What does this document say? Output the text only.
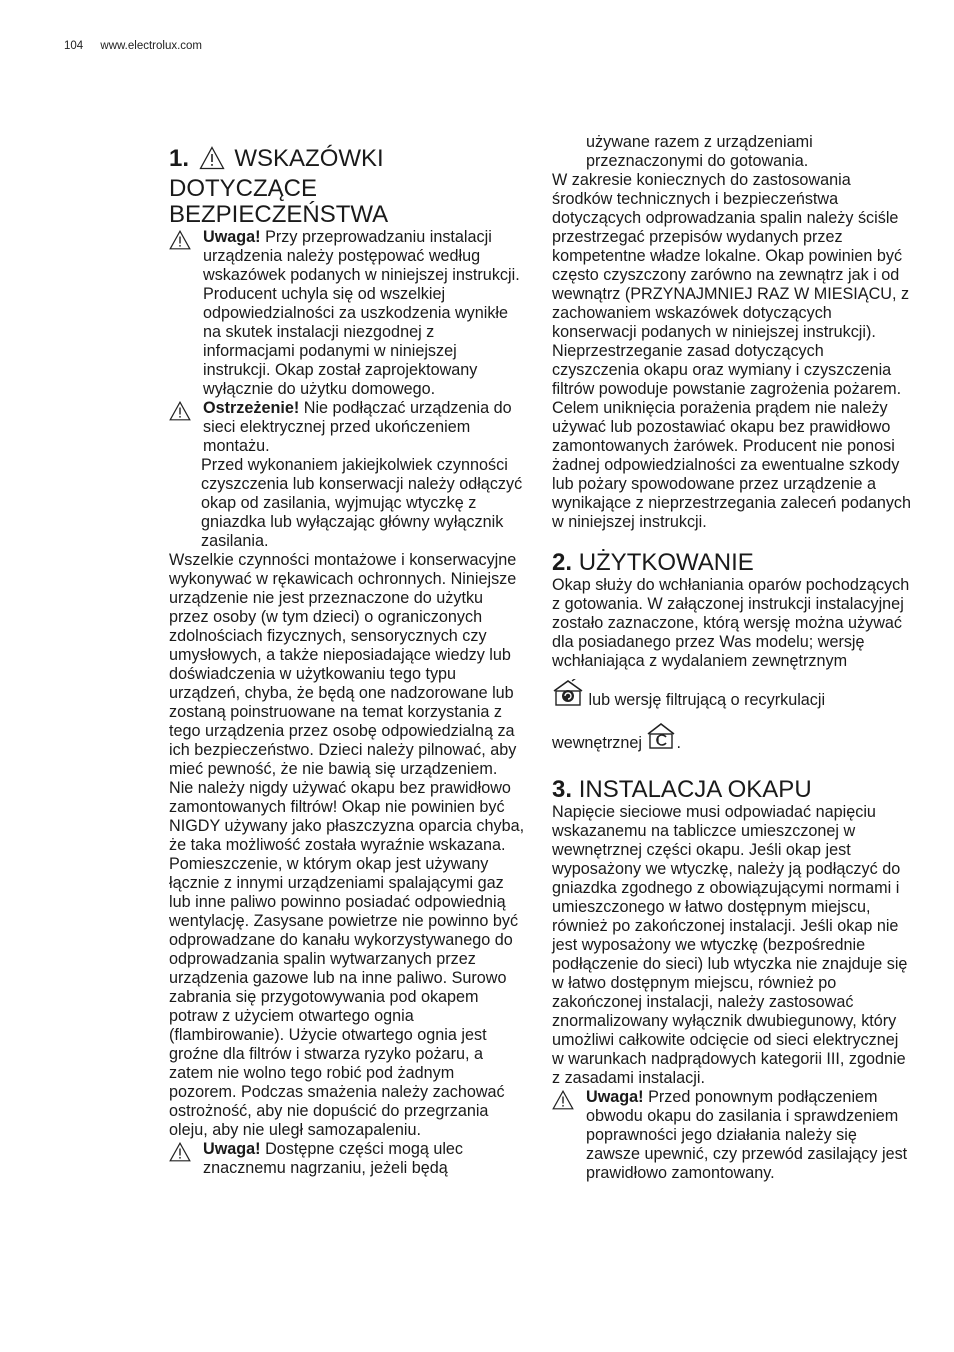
104 www.electrolux.com
1. WSKAZÓWKI
DOTYCZĄCE
BEZPIECZEŃSTWA

Uwaga! Przy przeprowadzaniu instalacji urządzenia należy postępować według wskazówek podanych w niniejszej instrukcji. Producent uchyla się od wszelkiej odpowiedzialności za uszkodzenia wynikłe na skutek instalacji niezgodnej z informacjami podanymi w niniejszej instrukcji. Okap został zaprojektowany wyłącznie do użytku domowego.

Ostrzeżenie! Nie podłączać urządzenia do sieci elektrycznej przed ukończeniem montażu.

Przed wykonaniem jakiejkolwiek czynności czyszczenia lub konserwacji należy odłączyć okap od zasilania, wyjmując wtyczkę z gniazdka lub wyłączając główny wyłącznik zasilania.

Wszelkie czynności montażowe i konserwacyjne wykonywać w rękawicach ochronnych. Niniejsze urządzenie nie jest przeznaczone do użytku przez osoby (w tym dzieci) o ograniczonych zdolnościach fizycznych, sensorycznych czy umysłowych, a także nieposiadające wiedzy lub doświadczenia w użytkowaniu tego typu urządzeń, chyba, że będą one nadzorowane lub zostaną poinstruowane na temat korzystania z tego urządzenia przez osobę odpowiedzialną za ich bezpieczeństwo. Dzieci należy pilnować, aby mieć pewność, że nie bawią się urządzeniem. Nie należy nigdy używać okapu bez prawidłowo zamontowanych filtrów! Okap nie powinien być NIGDY używany jako płaszczyzna oparcia chyba, że taka możliwość została wyraźnie wskazana. Pomieszczenie, w którym okap jest używany łącznie z innymi urządzeniami spalającymi gaz lub inne paliwo powinno posiadać odpowiednią wentylację. Zasysane powietrze nie powinno być odprowadzane do kanału wykorzystywanego do odprowadzania spalin wytwarzanych przez urządzenia gazowe lub na inne paliwo. Surowo zabrania się przygotowywania pod okapem potraw z użyciem otwartego ognia (flambirowanie). Użycie otwartego ognia jest groźne dla filtrów i stwarza ryzyko pożaru, a zatem nie wolno tego robić pod żadnym pozorem. Podczas smażenia należy zachować ostrożność, aby nie dopuścić do przegrzania oleju, aby nie uległ samozapaleniu.

Uwaga! Dostępne części mogą ulec znacznemu nagrzaniu, jeżeli będą

używane razem z urządzeniami przeznaczonymi do gotowania.

W zakresie koniecznych do zastosowania środków technicznych i bezpieczeństwa dotyczących odprowadzania spalin należy ściśle przestrzegać przepisów wydanych przez kompetentne władze lokalne. Okap powinien być często czyszczony zarówno na zewnątrz jak i od wewnątrz (PRZYNAJMNIEJ RAZ W MIESIĄCU, z zachowaniem wskazówek dotyczących konserwacji podanych w niniejszej instrukcji). Nieprzestrzeganie zasad dotyczących czyszczenia okapu oraz wymiany i czyszczenia filtrów powoduje powstanie zagrożenia pożarem. Celem uniknięcia porażenia prądem nie należy używać lub pozostawiać okapu bez prawidłowo zamontowanych żarówek. Producent nie ponosi żadnej odpowiedzialności za ewentualne szkody lub pożary spowodowane przez urządzenie a wynikające z nieprzestrzegania zaleceń podanych w niniejszej instrukcji.

2. UŻYTKOWANIE

Okap służy do wchłaniania oparów pochodzących z gotowania. W załączonej instrukcji instalacyjnej zostało zaznaczone, którą wersję można używać dla posiadanego przez Was modelu; wersję wchłaniająca z wydalaniem zewnętrznym

lub wersję filtrującą o recyrkulacji

wewnętrznej .

3. INSTALACJA OKAPU

Napięcie sieciowe musi odpowiadać napięciu wskazanemu na tabliczce umieszczonej w wewnętrznej części okapu. Jeśli okap jest wyposażony we wtyczkę, należy ją podłączyć do gniazdka zgodnego z obowiązującymi normami i umieszczonego w łatwo dostępnym miejscu, również po zakończonej instalacji. Jeśli okap nie jest wyposażony we wtyczkę (bezpośrednie podłączenie do sieci) lub wtyczka nie znajduje się w łatwo dostępnym miejscu, również po zakończonej instalacji, należy zastosować znormalizowany wyłącznik dwubiegunowy, który umożliwi całkowite odcięcie od sieci elektrycznej w warunkach nadprądowych kategorii III, zgodnie z zasadami instalacji.

Uwaga! Przed ponownym podłączeniem obwodu okapu do zasilania i sprawdzeniem poprawności jego działania należy się zawsze upewnić, czy przewód zasilający jest prawidłowo zamontowany.
